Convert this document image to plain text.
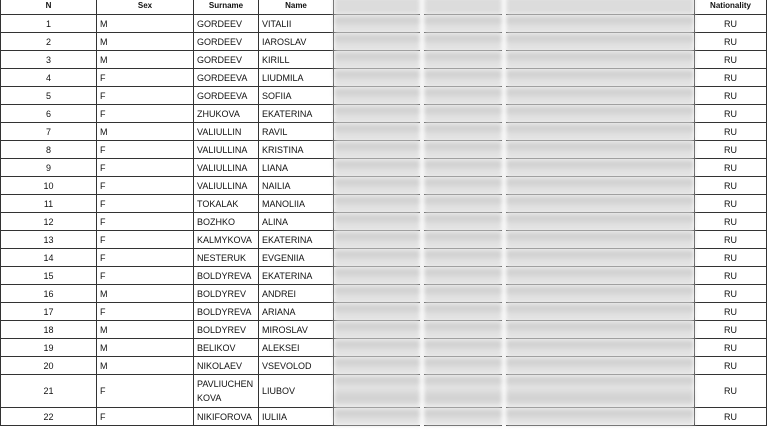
N	Sex	Surname	Name				Nationality
1	M	GORDEEV	VITALII				RU
2	M	GORDEEV	IAROSLAV				RU
3	M	GORDEEV	KIRILL				RU
4	F	GORDEEVA	LIUDMILA				RU
5	F	GORDEEVA	SOFIIA				RU
6	F	ZHUKOVA	EKATERINA				RU
7	M	VALIULLIN	RAVIL				RU
8	F	VALIULLINA	KRISTINA				RU
9	F	VALIULLINA	LIANA				RU
10	F	VALIULLINA	NAILIA				RU
11	F	TOKALAK	MANOLIIA				RU
12	F	BOZHKO	ALINA				RU
13	F	KALMYKOVA	EKATERINA				RU
14	F	NESTERUK	EVGENIIA				RU
15	F	BOLDYREVA	EKATERINA				RU
16	M	BOLDYREV	ANDREI				RU
17	F	BOLDYREVA	ARIANA				RU
18	M	BOLDYREV	MIROSLAV				RU
19	M	BELIKOV	ALEKSEI				RU
20	M	NIKOLAEV	VSEVOLOD				RU
21	F	PAVLIUCHEN KOVA	LIUBOV				RU
22	F	NIKIFOROVA	IULIIA				RU
